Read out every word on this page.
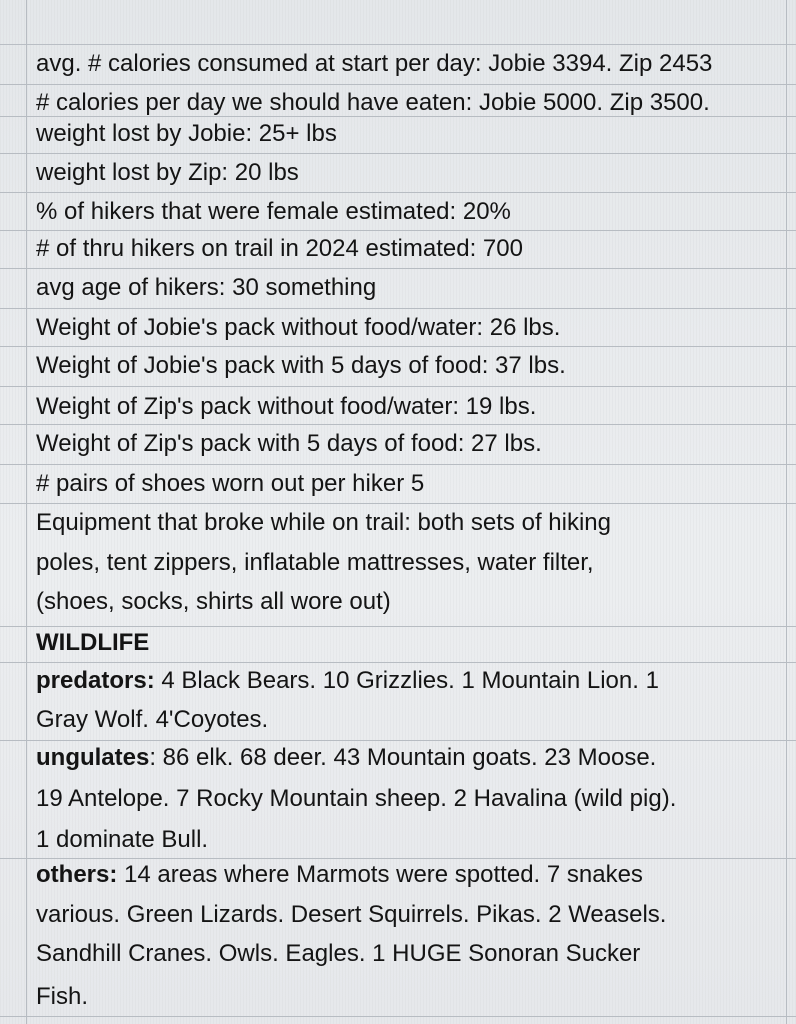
avg. # calories consumed at start per day: Jobie 3394. Zip 2453
# calories per day we should have eaten: Jobie 5000. Zip 3500.
weight lost by Jobie: 25+ lbs
weight lost by Zip: 20 lbs
% of hikers that were female estimated: 20%
# of thru hikers on trail in 2024 estimated: 700
avg age of hikers: 30 something
Weight of Jobie's pack without food/water: 26 lbs.
Weight of Jobie's pack with 5 days of food: 37 lbs.
Weight of Zip's pack without food/water: 19 lbs.
Weight of Zip's pack with 5 days of food: 27 lbs.
# pairs of shoes worn out per hiker 5
Equipment that broke while on trail: both sets of hiking
poles, tent zippers, inflatable mattresses, water filter,
(shoes, socks, shirts all wore out)
WILDLIFE
predators: 4 Black Bears. 10 Grizzlies. 1 Mountain Lion. 1
Gray Wolf. 4'Coyotes.
ungulates: 86 elk. 68 deer. 43 Mountain goats. 23 Moose.
19 Antelope. 7 Rocky Mountain sheep. 2 Havalina (wild pig).
1 dominate Bull.
others: 14 areas where Marmots were spotted. 7 snakes
various. Green Lizards. Desert Squirrels. Pikas. 2 Weasels.
Sandhill Cranes. Owls. Eagles. 1 HUGE Sonoran Sucker
Fish.
